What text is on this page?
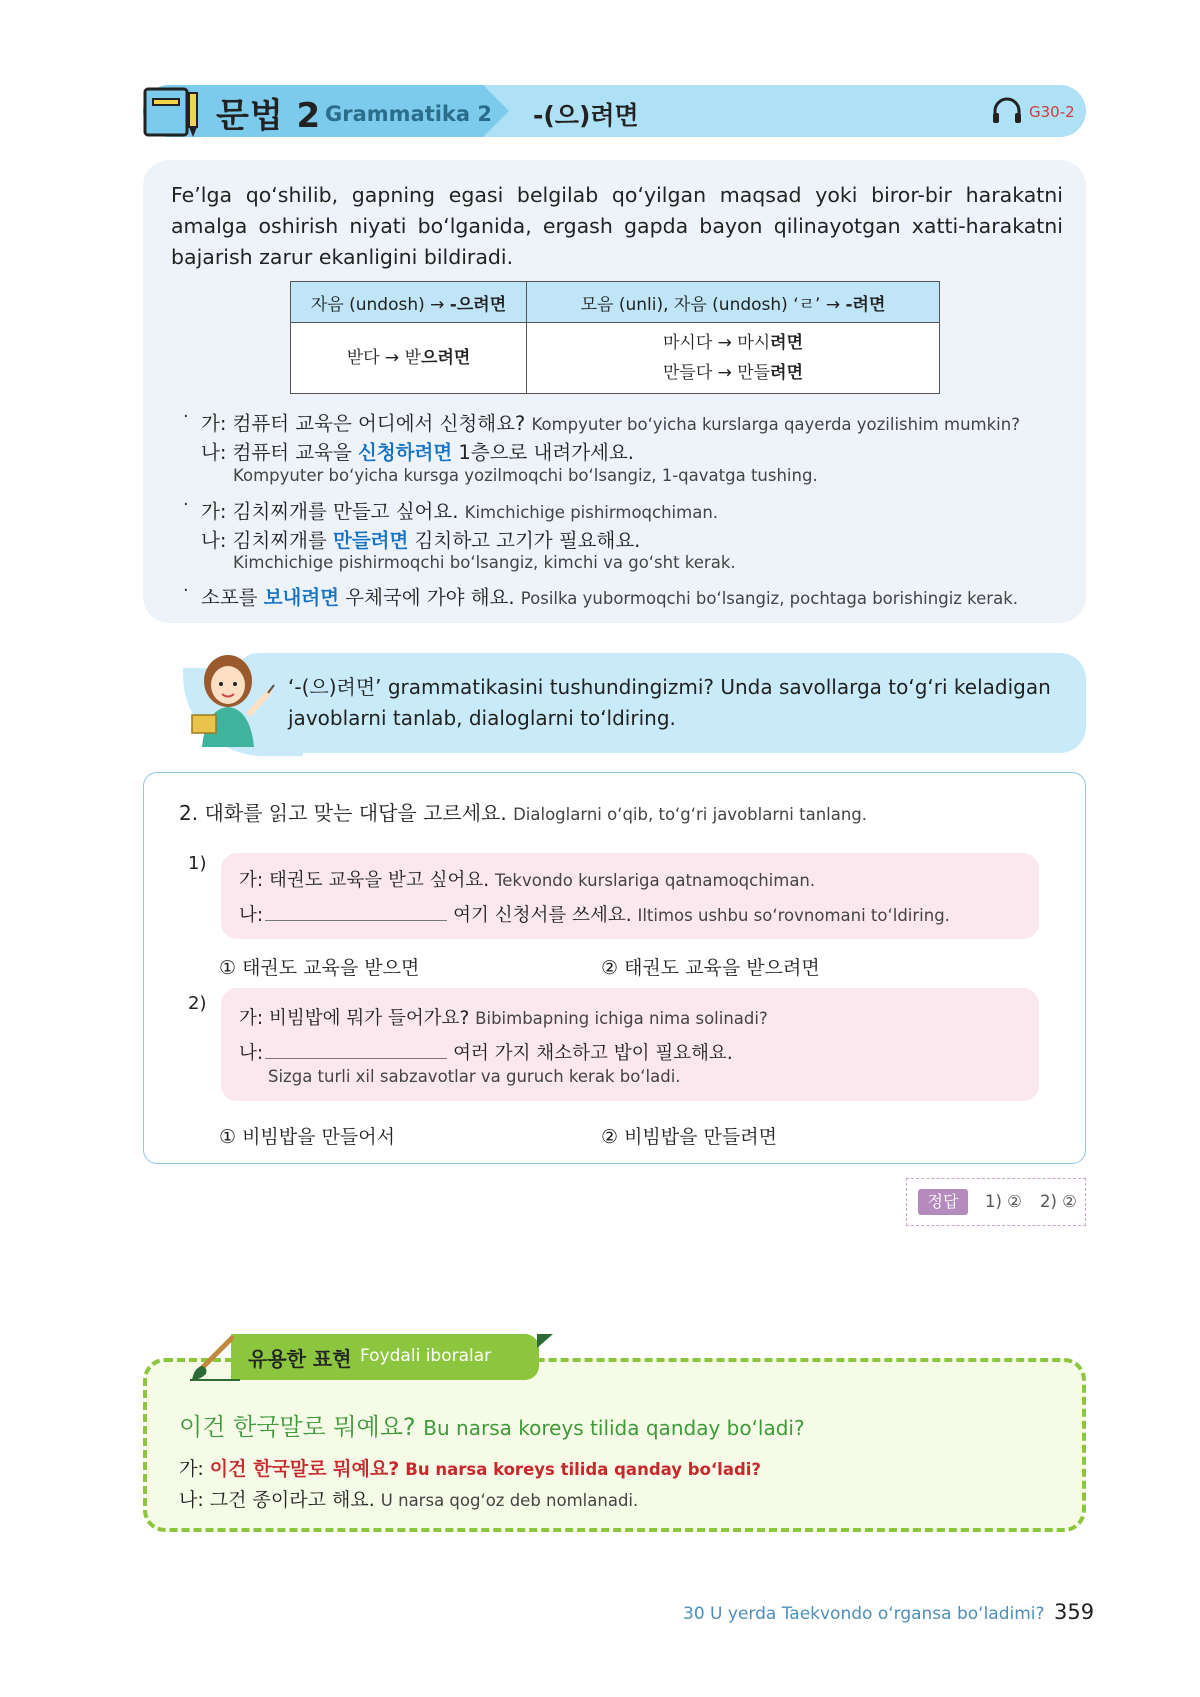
문법 2 Grammatika 2 -(으)려면	G30-2
Fe’lga qo‘shilib, gapning egasi belgilab qo‘yilgan maqsad yoki biror-bir harakatni amalga oshirish niyati bo‘lganida, ergash gapda bayon qilinayotgan xatti-harakatni bajarish zarur ekanligini bildiradi.
자음 (undosh) → -으려면	모음 (unli), 자음 (undosh) ‘ㄹ’ → -려면
받다 → 받으려면	마시다 → 마시려면
만들다 → 만들려면
· 가: 컴퓨터 교육은 어디에서 신청해요? Kompyuter bo‘yicha kurslarga qayerda yozilishim mumkin?
나: 컴퓨터 교육을 신청하려면 1층으로 내려가세요.
Kompyuter bo‘yicha kursga yozilmoqchi bo‘lsangiz, 1-qavatga tushing.
· 가: 김치찌개를 만들고 싶어요. Kimchichige pishirmoqchiman.
나: 김치찌개를 만들려면 김치하고 고기가 필요해요.
Kimchichige pishirmoqchi bo‘lsangiz, kimchi va go‘sht kerak.
· 소포를 보내려면 우체국에 가야 해요. Posilka yubormoqchi bo‘lsangiz, pochtaga borishingiz kerak.
‘-(으)려면’ grammatikasini tushundingizmi? Unda savollarga to‘g‘ri keladigan javoblarni tanlab, dialoglarni to‘ldiring.
2. 대화를 읽고 맞는 대답을 고르세요. Dialoglarni o‘qib, to‘g‘ri javoblarni tanlang.
1)
가: 태권도 교육을 받고 싶어요. Tekvondo kurslariga qatnamoqchiman.
나:	여기 신청서를 쓰세요. Iltimos ushbu so‘rovnomani to‘ldiring.
① 태권도 교육을 받으면	② 태권도 교육을 받으려면
2)
가: 비빔밥에 뭐가 들어가요? Bibimbapning ichiga nima solinadi?
나:	여러 가지 채소하고 밥이 필요해요.
Sizga turli xil sabzavotlar va guruch kerak bo‘ladi.
① 비빔밥을 만들어서	② 비빔밥을 만들려면
정답	1) ② 2) ②
유용한 표현 Foydali iboralar
이건 한국말로 뭐예요? Bu narsa koreys tilida qanday bo‘ladi?
가: 이건 한국말로 뭐예요? Bu narsa koreys tilida qanday bo‘ladi?
나: 그건 종이라고 해요. U narsa qog‘oz deb nomlanadi.
30 U yerda Taekvondo o‘rgansa bo‘ladimi? 359
